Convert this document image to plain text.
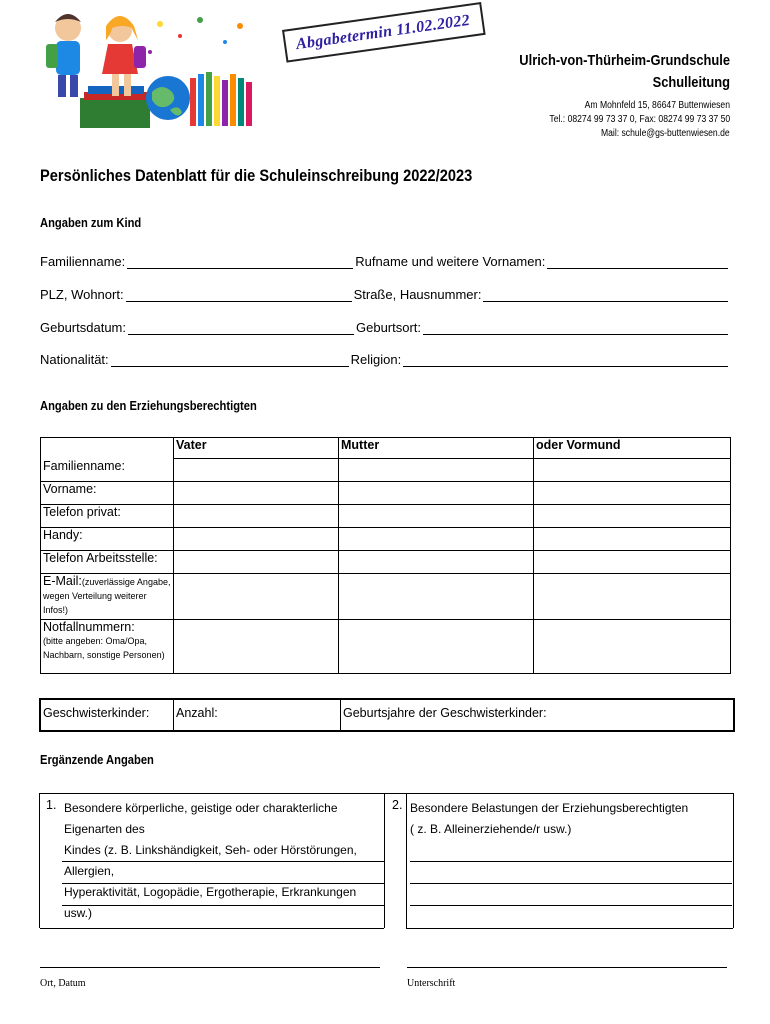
Abgabetermin 11.02.2022
Ulrich-von-Thürheim-Grundschule
Schulleitung
Am Mohnfeld 15, 86647 Buttenwiesen
Tel.: 08274 99 73 37 0, Fax: 08274 99 73 37 50
Mail: schule@gs-buttenwiesen.de
Persönliches Datenblatt für die Schuleinschreibung 2022/2023
Angaben zum Kind
Familienname:	Rufname und weitere Vornamen:
PLZ, Wohnort:	Straße, Hausnummer:
Geburtsdatum:	Geburtsort:
Nationalität:	Religion:
Angaben zu den Erziehungsberechtigten
	Vater	Mutter	oder Vormund
Familienname:			
Vorname:			
Telefon privat:			
Handy:			
Telefon Arbeitsstelle:			
E-Mail:(zuverlässige Angabe, wegen Verteilung weiterer Infos!)			

Notfallnummern:
(bitte angeben: Oma/Opa, Nachbarn, sonstige Personen)			

Geschwisterkinder:	Anzahl:	Geburtsjahre der Geschwisterkinder:
Ergänzende Angaben
1. Besondere körperliche, geistige oder charakterliche Eigenarten des
Kindes (z. B. Linkshändigkeit, Seh- oder Hörstörungen, Allergien,
Hyperaktivität, Logopädie, Ergotherapie, Erkrankungen usw.)
2. Besondere Belastungen der Erziehungsberechtigten
( z. B. Alleinerziehende/r usw.)
Ort, Datum	Unterschrift
